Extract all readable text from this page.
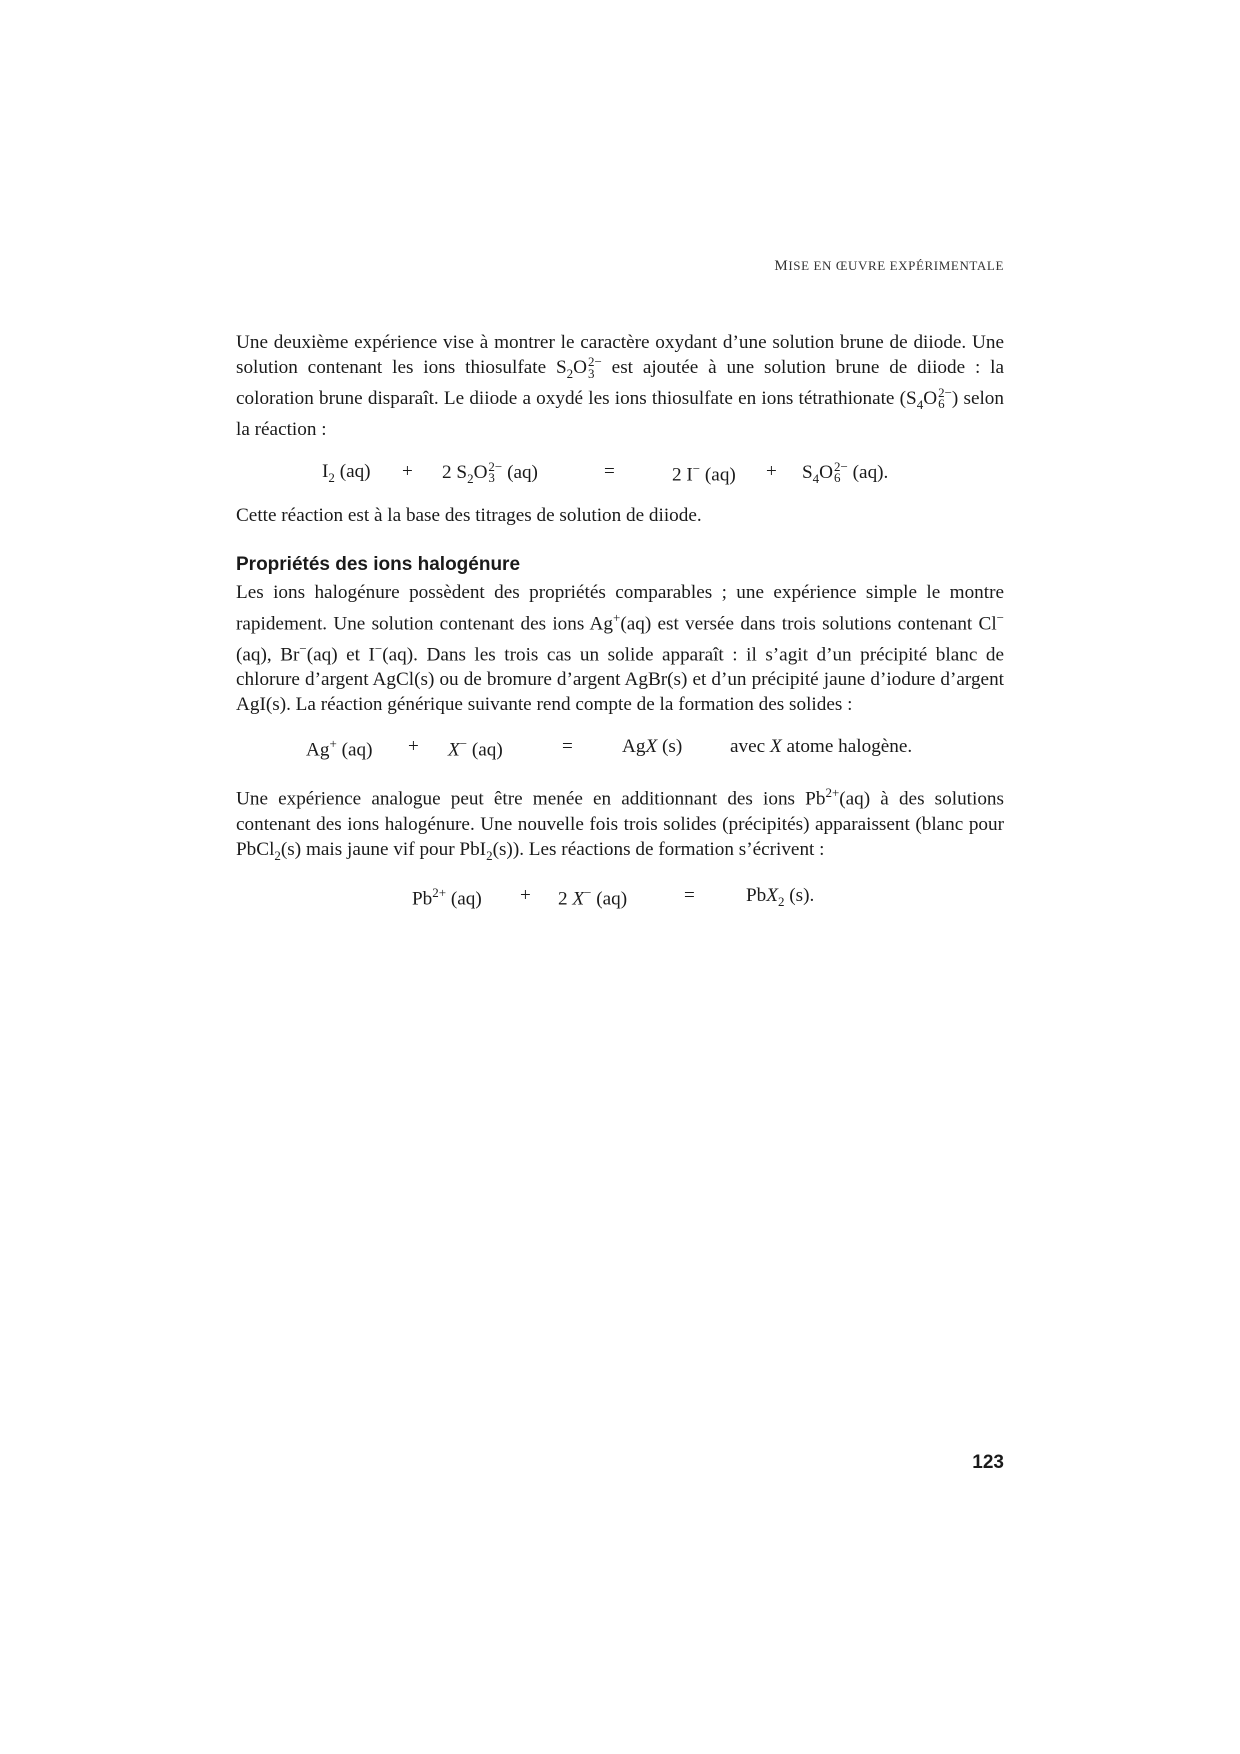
MISE EN ŒUVRE EXPÉRIMENTALE

Une deuxième expérience vise à montrer le caractère oxydant d’une solution brune de diiode. Une solution contenant les ions thiosulfate $S_2O$ 2−
3 est ajoutée à une solution brune de diiode : la coloration brune disparaît. Le diiode a oxydé les ions thiosulfate en ions tétrathionate ($S_4O$ 2−
6 ) selon la réaction :

$I_2$ (aq) + 2 $S_2O$ 2−
3 (aq)	=	2 I− $(aq) + S_4O$ 2−
6 (aq).

Cette réaction est à la base des titrages de solution de diiode.

Propriétés des ions halogénure

Les ions halogénure possèdent des propriétés comparables ; une expérience simple le montre rapidement. Une solution contenant des ions Ag+(aq) est versée dans trois solutions contenant Cl−(aq), Br−(aq) et I−(aq). Dans les trois cas un solide apparaît : il s’agit d’un précipité blanc de chlorure d’argent AgCl(s) ou de bromure d’argent AgBr(s) et d’un précipité jaune d’iodure d’argent AgI(s). La réaction générique suivante rend compte de la formation des solides :

Ag+ (aq) + X− (aq)	=	AgX (s) avec X atome halogène.

Une expérience analogue peut être menée en additionnant des ions $Pb^{2+}(aq)$ à des solutions contenant des ions halogénure. Une nouvelle fois trois solides (précipités) apparaissent (blanc pour PbCl$_2$(s) mais jaune vif pour PbI$_2$(s)). Les réactions de formation s’écrivent :

$Pb^{2+}$ (aq) + 2 X− (aq)	=	PbX$_2$ (s).
123
